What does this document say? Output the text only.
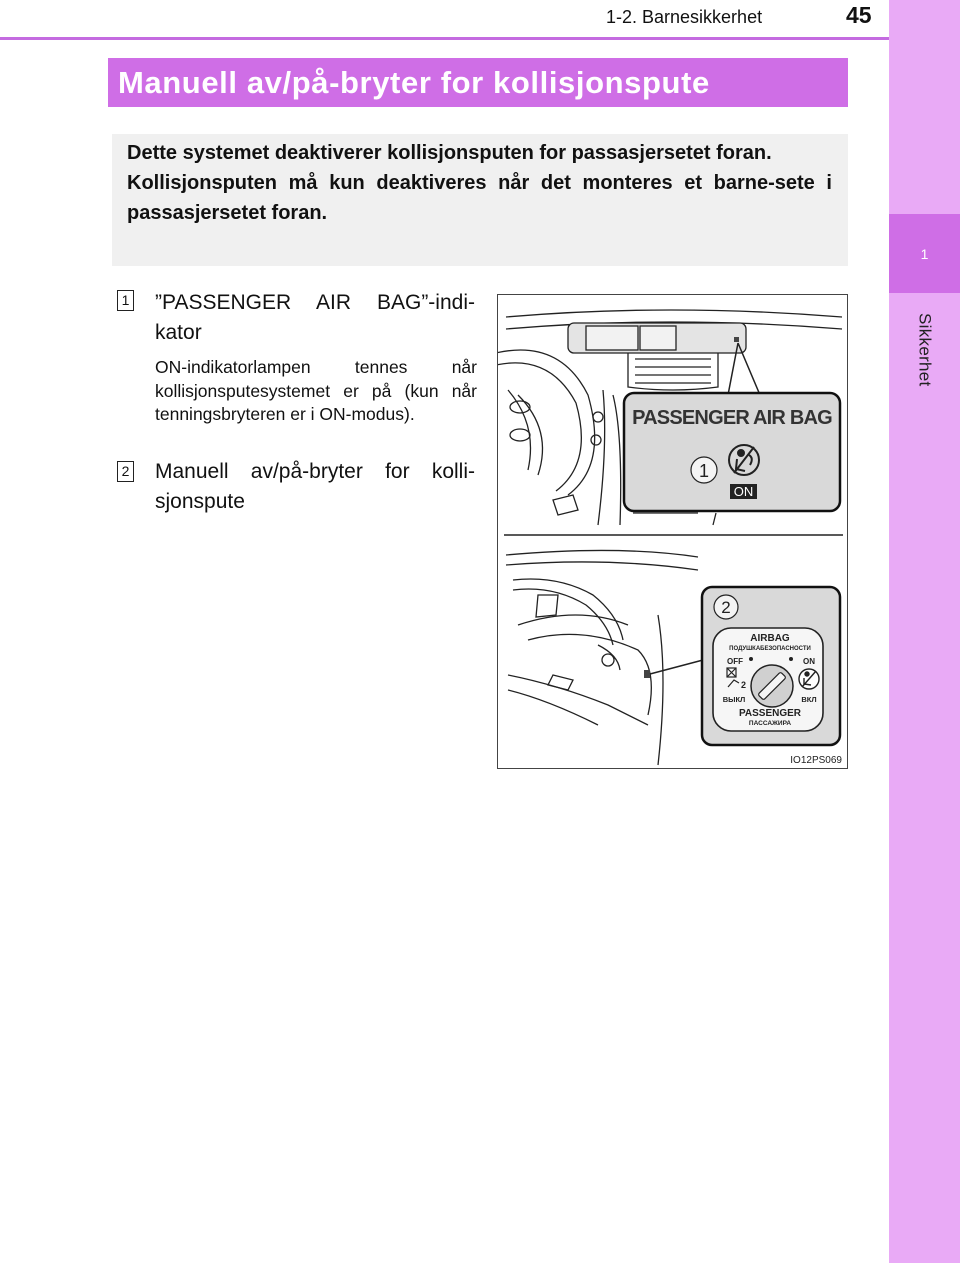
1
Sikkerhet
1-2. Barnesikkerhet	45
Manuell av/på-bryter for kollisjonspute

Dette systemet deaktiverer kollisjonsputen for passasjersetet foran.

Kollisjonsputen må kun deaktiveres når det monteres et barne-sete i passasjersetet foran.

1 ”PASSENGER AIR BAG”-indi-kator
ON-indikatorlampen tennes når kollisjonsputesystemet er på (kun når tenningsbryteren er i ON-modus).
2 Manuell av/på-bryter for kolli-sjonspute
PASSENGER AIR BAG
1
ON
2
AIRBAG
ПОДУШКАБЕЗОПАСНОСТИ
OFF	ON
2
ВЫКЛ	ВКЛ
PASSENGER
ПАССАЖИРА
IO12PS069
